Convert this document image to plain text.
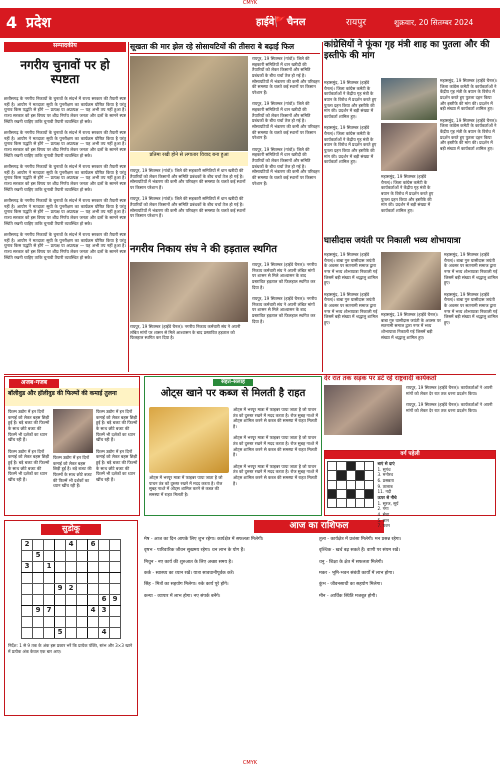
CMYK
4 प्रदेश	हाईवे🚩चैनल	रायपुर	शुक्रवार, 20 सितम्बर 2024
सम्पादकीय
नगरीय चुनावों पर हो स्पष्टता

छत्तीसगढ़ के नगरीय निकायों के चुनावों के संदर्भ में राज्य सरकार की तैयारी स्पष्ट नहीं है। आयोग ने मतदाता सूची के पुनरीक्षण का कार्यक्रम घोषित किया है परंतु चुनाव किस पद्धति से होंगे — प्रत्यक्ष या अप्रत्यक्ष — यह अभी तय नहीं हुआ है। राज्य सरकार को इस विषय पर शीघ्र निर्णय लेकर जनता और दलों के सामने स्पष्ट स्थिति रखनी चाहिए ताकि चुनावी तैयारी व्यवस्थित हो सके।

छत्तीसगढ़ के नगरीय निकायों के चुनावों के संदर्भ में राज्य सरकार की तैयारी स्पष्ट नहीं है। आयोग ने मतदाता सूची के पुनरीक्षण का कार्यक्रम घोषित किया है परंतु चुनाव किस पद्धति से होंगे — प्रत्यक्ष या अप्रत्यक्ष — यह अभी तय नहीं हुआ है। राज्य सरकार को इस विषय पर शीघ्र निर्णय लेकर जनता और दलों के सामने स्पष्ट स्थिति रखनी चाहिए ताकि चुनावी तैयारी व्यवस्थित हो सके।

छत्तीसगढ़ के नगरीय निकायों के चुनावों के संदर्भ में राज्य सरकार की तैयारी स्पष्ट नहीं है। आयोग ने मतदाता सूची के पुनरीक्षण का कार्यक्रम घोषित किया है परंतु चुनाव किस पद्धति से होंगे — प्रत्यक्ष या अप्रत्यक्ष — यह अभी तय नहीं हुआ है। राज्य सरकार को इस विषय पर शीघ्र निर्णय लेकर जनता और दलों के सामने स्पष्ट स्थिति रखनी चाहिए ताकि चुनावी तैयारी व्यवस्थित हो सके।

छत्तीसगढ़ के नगरीय निकायों के चुनावों के संदर्भ में राज्य सरकार की तैयारी स्पष्ट नहीं है। आयोग ने मतदाता सूची के पुनरीक्षण का कार्यक्रम घोषित किया है परंतु चुनाव किस पद्धति से होंगे — प्रत्यक्ष या अप्रत्यक्ष — यह अभी तय नहीं हुआ है। राज्य सरकार को इस विषय पर शीघ्र निर्णय लेकर जनता और दलों के सामने स्पष्ट स्थिति रखनी चाहिए ताकि चुनावी तैयारी व्यवस्थित हो सके।

छत्तीसगढ़ के नगरीय निकायों के चुनावों के संदर्भ में राज्य सरकार की तैयारी स्पष्ट नहीं है। आयोग ने मतदाता सूची के पुनरीक्षण का कार्यक्रम घोषित किया है परंतु चुनाव किस पद्धति से होंगे — प्रत्यक्ष या अप्रत्यक्ष — यह अभी तय नहीं हुआ है। राज्य सरकार को इस विषय पर शीघ्र निर्णय लेकर जनता और दलों के सामने स्पष्ट स्थिति रखनी चाहिए ताकि चुनावी तैयारी व्यवस्थित हो सके।

सूखता की मार झेल रहे सोसायटियों की तीसरा बे बढ़ाई फिल
प्रतिमा रखी होने से लगातार विवाद बना हुआ

रायपुर, 19 सितम्बर (गांवो)। जिले की सहकारी समितियों में धान खरीदी की तैयारियों को लेकर किसानों और समिति प्रबंधकों के बीच चर्चा तेज हो गई है। सोसायटियों में भंडारण की कमी और परिवहन की समस्या के चलते कई स्थानों पर किसान परेशान हैं।

रायपुर, 19 सितम्बर (गांवो)। जिले की सहकारी समितियों में धान खरीदी की तैयारियों को लेकर किसानों और समिति प्रबंधकों के बीच चर्चा तेज हो गई है। सोसायटियों में भंडारण की कमी और परिवहन की समस्या के चलते कई स्थानों पर किसान परेशान हैं।

रायपुर, 19 सितम्बर (गांवो)। जिले की सहकारी समितियों में धान खरीदी की तैयारियों को लेकर किसानों और समिति प्रबंधकों के बीच चर्चा तेज हो गई है। सोसायटियों में भंडारण की कमी और परिवहन की समस्या के चलते कई स्थानों पर किसान परेशान हैं।

रायपुर, 19 सितम्बर (गांवो)। जिले की सहकारी समितियों में धान खरीदी की तैयारियों को लेकर किसानों और समिति प्रबंधकों के बीच चर्चा तेज हो गई है। सोसायटियों में भंडारण की कमी और परिवहन की समस्या के चलते कई स्थानों पर किसान परेशान हैं।

रायपुर, 19 सितम्बर (गांवो)। जिले की सहकारी समितियों में धान खरीदी की तैयारियों को लेकर किसानों और समिति प्रबंधकों के बीच चर्चा तेज हो गई है। सोसायटियों में भंडारण की कमी और परिवहन की समस्या के चलते कई स्थानों पर किसान परेशान हैं।

कांग्रेसियों ने फूंका गृह मंत्री शाह का पुतला और की इस्तीफे की मांग

महासमुंद, 19 सितम्बर (हाईवे चैनल)। जिला कांग्रेस कमेटी के कार्यकर्ताओं ने केंद्रीय गृह मंत्री के बयान के विरोध में प्रदर्शन करते हुए पुतला दहन किया और इस्तीफे की मांग की। प्रदर्शन में बड़ी संख्या में कार्यकर्ता शामिल हुए।

महासमुंद, 19 सितम्बर (हाईवे चैनल)। जिला कांग्रेस कमेटी के कार्यकर्ताओं ने केंद्रीय गृह मंत्री के बयान के विरोध में प्रदर्शन करते हुए पुतला दहन किया और इस्तीफे की मांग की। प्रदर्शन में बड़ी संख्या में कार्यकर्ता शामिल हुए।

महासमुंद, 19 सितम्बर (हाईवे चैनल)। जिला कांग्रेस कमेटी के कार्यकर्ताओं ने केंद्रीय गृह मंत्री के बयान के विरोध में प्रदर्शन करते हुए पुतला दहन किया और इस्तीफे की मांग की। प्रदर्शन में बड़ी संख्या में कार्यकर्ता शामिल हुए।

महासमुंद, 19 सितम्बर (हाईवे चैनल)। जिला कांग्रेस कमेटी के कार्यकर्ताओं ने केंद्रीय गृह मंत्री के बयान के विरोध में प्रदर्शन करते हुए पुतला दहन किया और इस्तीफे की मांग की। प्रदर्शन में बड़ी संख्या में कार्यकर्ता शामिल हुए।

महासमुंद, 19 सितम्बर (हाईवे चैनल)। जिला कांग्रेस कमेटी के कार्यकर्ताओं ने केंद्रीय गृह मंत्री के बयान के विरोध में प्रदर्शन करते हुए पुतला दहन किया और इस्तीफे की मांग की। प्रदर्शन में बड़ी संख्या में कार्यकर्ता शामिल हुए।

नगरीय निकाय संघ ने की हड़ताल स्थगित

रायपुर, 19 सितम्बर (हाईवे चैनल)। नगरीय निकाय कर्मचारी संघ ने अपनी लंबित मांगों पर शासन से मिले आश्वासन के बाद प्रस्तावित हड़ताल को फिलहाल स्थगित कर दिया है।

रायपुर, 19 सितम्बर (हाईवे चैनल)। नगरीय निकाय कर्मचारी संघ ने अपनी लंबित मांगों पर शासन से मिले आश्वासन के बाद प्रस्तावित हड़ताल को फिलहाल स्थगित कर दिया है।

रायपुर, 19 सितम्बर (हाईवे चैनल)। नगरीय निकाय कर्मचारी संघ ने अपनी लंबित मांगों पर शासन से मिले आश्वासन के बाद प्रस्तावित हड़ताल को फिलहाल स्थगित कर दिया है।

घासीदास जयंती पर निकाली भव्य शोभायात्रा

महासमुंद, 19 सितम्बर (हाईवे चैनल)। बाबा गुरु घासीदास जयंती के अवसर पर सतनामी समाज द्वारा नगर में भव्य शोभायात्रा निकाली गई जिसमें बड़ी संख्या में श्रद्धालु शामिल हुए।

महासमुंद, 19 सितम्बर (हाईवे चैनल)। बाबा गुरु घासीदास जयंती के अवसर पर सतनामी समाज द्वारा नगर में भव्य शोभायात्रा निकाली गई जिसमें बड़ी संख्या में श्रद्धालु शामिल हुए।

महासमुंद, 19 सितम्बर (हाईवे चैनल)। बाबा गुरु घासीदास जयंती के अवसर पर सतनामी समाज द्वारा नगर में भव्य शोभायात्रा निकाली गई जिसमें बड़ी संख्या में श्रद्धालु शामिल हुए।

महासमुंद, 19 सितम्बर (हाईवे चैनल)। बाबा गुरु घासीदास जयंती के अवसर पर सतनामी समाज द्वारा नगर में भव्य शोभायात्रा निकाली गई जिसमें बड़ी संख्या में श्रद्धालु शामिल हुए।

महासमुंद, 19 सितम्बर (हाईवे चैनल)। बाबा गुरु घासीदास जयंती के अवसर पर सतनामी समाज द्वारा नगर में भव्य शोभायात्रा निकाली गई जिसमें बड़ी संख्या में श्रद्धालु शामिल हुए।

देर रात तक सड़क पर डटे रहे राष्ट्रवादी कार्यकर्ता

रायपुर, 19 सितम्बर (हाईवे चैनल)। कार्यकर्ताओं ने अपनी मांगों को लेकर देर रात तक धरना प्रदर्शन किया।

रायपुर, 19 सितम्बर (हाईवे चैनल)। कार्यकर्ताओं ने अपनी मांगों को लेकर देर रात तक धरना प्रदर्शन किया।

अजब-गजब
बॉलीवुड और हॉलीवुड की फिल्मों की कमाई तुलना

फिल्म उद्योग में इन दिनों कमाई को लेकर बहस छिड़ी हुई है। बड़े बजट की फिल्मों के साथ छोटे बजट की फिल्में भी दर्शकों का ध्यान खींच रही हैं।

फिल्म उद्योग में इन दिनों कमाई को लेकर बहस छिड़ी हुई है। बड़े बजट की फिल्मों के साथ छोटे बजट की फिल्में भी दर्शकों का ध्यान खींच रही हैं।

फिल्म उद्योग में इन दिनों कमाई को लेकर बहस छिड़ी हुई है। बड़े बजट की फिल्मों के साथ छोटे बजट की फिल्में भी दर्शकों का ध्यान खींच रही हैं।

फिल्म उद्योग में इन दिनों कमाई को लेकर बहस छिड़ी हुई है। बड़े बजट की फिल्मों के साथ छोटे बजट की फिल्में भी दर्शकों का ध्यान खींच रही हैं।

फिल्म उद्योग में इन दिनों कमाई को लेकर बहस छिड़ी हुई है। बड़े बजट की फिल्मों के साथ छोटे बजट की फिल्में भी दर्शकों का ध्यान खींच रही हैं।

सेहत-सलाह
ओट्स खाने पर कब्ज से मिलती है राहत

ओट्स में भरपूर मात्रा में फाइबर पाया जाता है जो पाचन तंत्र को दुरुस्त रखने में मदद करता है। रोज सुबह नाश्ते में ओट्स शामिल करने से कब्ज की समस्या में राहत मिलती है।

ओट्स में भरपूर मात्रा में फाइबर पाया जाता है जो पाचन तंत्र को दुरुस्त रखने में मदद करता है। रोज सुबह नाश्ते में ओट्स शामिल करने से कब्ज की समस्या में राहत मिलती है।

ओट्स में भरपूर मात्रा में फाइबर पाया जाता है जो पाचन तंत्र को दुरुस्त रखने में मदद करता है। रोज सुबह नाश्ते में ओट्स शामिल करने से कब्ज की समस्या में राहत मिलती है।

ओट्स में भरपूर मात्रा में फाइबर पाया जाता है जो पाचन तंत्र को दुरुस्त रखने में मदद करता है। रोज सुबह नाश्ते में ओट्स शामिल करने से कब्ज की समस्या में राहत मिलती है।

सुडोकू
2				4		6		
	5							
3		1						

			9	2				
							6	9
	9	7				4	3	

			5				4	
निर्देश: 1 से 9 तक के अंक इस प्रकार भरें कि प्रत्येक पंक्ति, स्तंभ और 3×3 खाने में प्रत्येक अंक केवल एक बार आए।
आज का राशिफल

मेष - आज का दिन आपके लिए शुभ रहेगा। कार्यक्षेत्र में सफलता मिलेगी।

वृषभ - पारिवारिक जीवन सुखमय रहेगा। धन लाभ के योग हैं।

मिथुन - नए कार्य की शुरुआत के लिए अच्छा समय है।

कर्क - स्वास्थ्य का ध्यान रखें। यात्रा सावधानीपूर्वक करें।

सिंह - मित्रों का सहयोग मिलेगा। रुके कार्य पूरे होंगे।

कन्या - व्यापार में लाभ होगा। नए संपर्क बनेंगे।

तुला - कार्यक्षेत्र में प्रशंसा मिलेगी। मन प्रसन्न रहेगा।

वृश्चिक - खर्च बढ़ सकते हैं। वाणी पर संयम रखें।

धनु - शिक्षा के क्षेत्र में सफलता मिलेगी।

मकर - भूमि-भवन संबंधी कार्यों में लाभ होगा।

कुंभ - जीवनसाथी का सहयोग मिलेगा।

मीन - आर्थिक स्थिति मजबूत होगी।

वर्ग पहेली

बाएं से दाएं
1. सुगंध
3. मनोरथ
6. प्रसन्नता
9. तालाब
11. नदी
ऊपर से नीचे
1. सूरज, सूर्य
2. गंगा
4. सेवा
5. ज्ञान
7. पवन
CMYK
